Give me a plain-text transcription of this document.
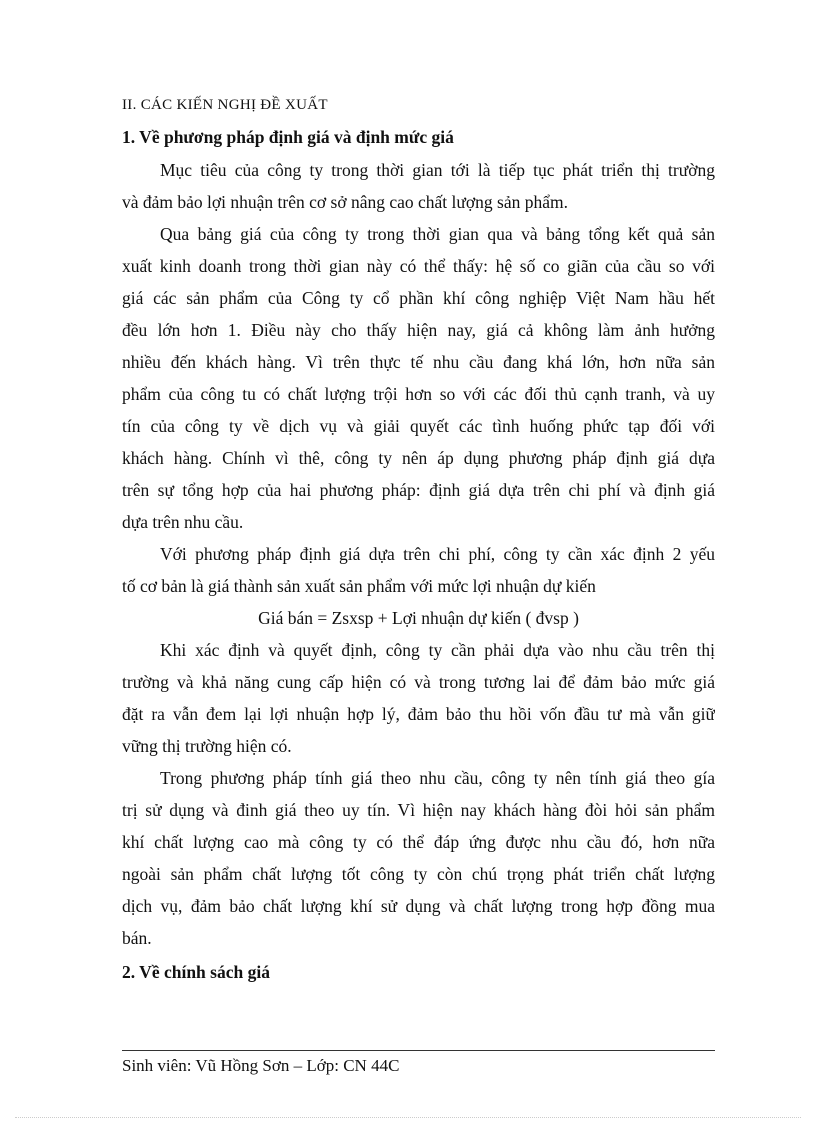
II. CÁC KIẾN NGHỊ ĐỀ XUẤT
1. Về phương pháp định giá và định mức giá
Mục tiêu của công ty trong thời gian tới là tiếp tục phát triển thị trường
và đảm bảo lợi nhuận trên cơ sở nâng cao chất lượng sản phẩm.
Qua bảng giá của công ty trong thời gian qua và bảng tổng kết quả sản
xuất kinh doanh trong thời gian này có thể thấy: hệ số co giãn của cầu so với
giá các sản phẩm của Công ty cổ phần khí công nghiệp Việt Nam hầu hết
đều lớn hơn 1. Điều này cho thấy hiện nay, giá cả không làm ảnh hưởng
nhiều đến khách hàng. Vì trên thực tế nhu cầu đang khá lớn, hơn nữa sản
phẩm của công tu có chất lượng trội hơn so với các đối thủ cạnh tranh, và uy
tín của công ty về dịch vụ và giải quyết các tình huống phức tạp đối với
khách hàng. Chính vì thê, công ty nên áp dụng phương pháp định giá dựa
trên sự tổng hợp của hai phương pháp: định giá dựa trên chi phí và định giá
dựa trên nhu cầu.
Với phương pháp định giá dựa trên chi phí, công ty cần xác định 2 yếu
tố cơ bản là giá thành sản xuất sản phẩm với mức lợi nhuận dự kiến
Giá bán = Zsxsp + Lợi nhuận dự kiến ( đvsp )
Khi xác định và quyết định, công ty cần phải dựa vào nhu cầu trên thị
trường và khả năng cung cấp hiện có và trong tương lai để đảm bảo mức giá
đặt ra vẫn đem lại lợi nhuận hợp lý, đảm bảo thu hồi vốn đầu tư mà vẫn giữ
vững thị trường hiện có.
Trong phương pháp tính giá theo nhu cầu, công ty nên tính giá theo gía
trị sử dụng và đinh giá theo uy tín. Vì hiện nay khách hàng đòi hỏi sản phẩm
khí chất lượng cao mà công ty có thể đáp ứng được nhu cầu đó, hơn nữa
ngoài sản phẩm chất lượng tốt công ty còn chú trọng phát triển chất lượng
dịch vụ, đảm bảo chất lượng khí sử dụng và chất lượng trong hợp đồng mua
bán.
2. Về chính sách giá
Sinh viên: Vũ Hồng Sơn – Lớp: CN 44C
